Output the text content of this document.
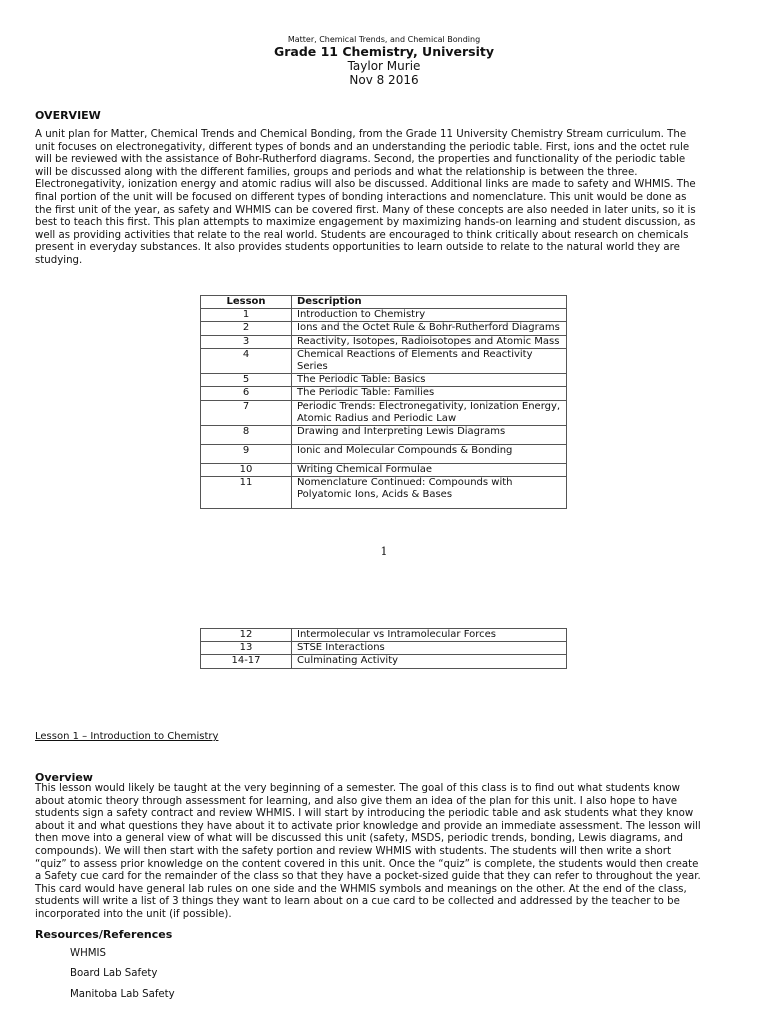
Matter, Chemical Trends, and Chemical Bonding
Grade 11 Chemistry, University
Taylor Murie
Nov 8 2016
OVERVIEW
A unit plan for Matter, Chemical Trends and Chemical Bonding, from the Grade 11 University Chemistry Stream curriculum. The
unit focuses on electronegativity, different types of bonds and an understanding the periodic table. First, ions and the octet rule
will be reviewed with the assistance of Bohr-Rutherford diagrams. Second, the properties and functionality of the periodic table
will be discussed along with the different families, groups and periods and what the relationship is between the three.
Electronegativity, ionization energy and atomic radius will also be discussed. Additional links are made to safety and WHMIS. The
final portion of the unit will be focused on different types of bonding interactions and nomenclature. This unit would be done as
the first unit of the year, as safety and WHMIS can be covered first. Many of these concepts are also needed in later units, so it is
best to teach this first. This plan attempts to maximize engagement by maximizing hands-on learning and student discussion, as
well as providing activities that relate to the real world. Students are encouraged to think critically about research on chemicals
present in everyday substances. It also provides students opportunities to learn outside to relate to the natural world they are
studying.
Lesson	Description
1	Introduction to Chemistry
2	Ions and the Octet Rule & Bohr-Rutherford Diagrams
3	Reactivity, Isotopes, Radioisotopes and Atomic Mass
4	Chemical Reactions of Elements and Reactivity Series
5	The Periodic Table: Basics
6	The Periodic Table: Families
7	Periodic Trends: Electronegativity, Ionization Energy, Atomic Radius and Periodic Law
8	Drawing and Interpreting Lewis Diagrams
9	Ionic and Molecular Compounds & Bonding
10	Writing Chemical Formulae
11	Nomenclature Continued: Compounds with Polyatomic Ions, Acids & Bases
1
12	Intermolecular vs Intramolecular Forces
13	STSE Interactions
14-17	Culminating Activity
Lesson 1 – Introduction to Chemistry
Overview
This lesson would likely be taught at the very beginning of a semester. The goal of this class is to find out what students know
about atomic theory through assessment for learning, and also give them an idea of the plan for this unit. I also hope to have
students sign a safety contract and review WHMIS. I will start by introducing the periodic table and ask students what they know
about it and what questions they have about it to activate prior knowledge and provide an immediate assessment. The lesson will
then move into a general view of what will be discussed this unit (safety, MSDS, periodic trends, bonding, Lewis diagrams, and
compounds). We will then start with the safety portion and review WHMIS with students. The students will then write a short
“quiz” to assess prior knowledge on the content covered in this unit. Once the “quiz” is complete, the students would then create
a Safety cue card for the remainder of the class so that they have a pocket-sized guide that they can refer to throughout the year.
This card would have general lab rules on one side and the WHMIS symbols and meanings on the other. At the end of the class,
students will write a list of 3 things they want to learn about on a cue card to be collected and addressed by the teacher to be
incorporated into the unit (if possible).
Resources/References
WHMIS
Board Lab Safety
Manitoba Lab Safety
